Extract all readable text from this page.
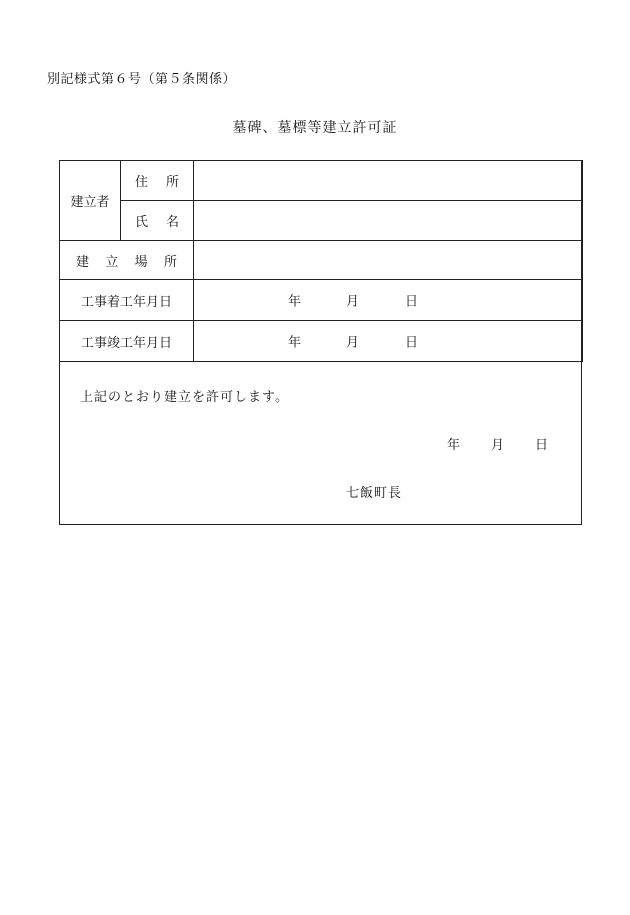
別記様式第６号（第５条関係）
墓碑、墓標等建立許可証
建立者	住 所	

	氏 名	

建 立 場 所		

工事着工年月日		年 月 日

工事竣工年月日		年 月 日
上記のとおり建立を許可します。
年 月 日
七飯町長
